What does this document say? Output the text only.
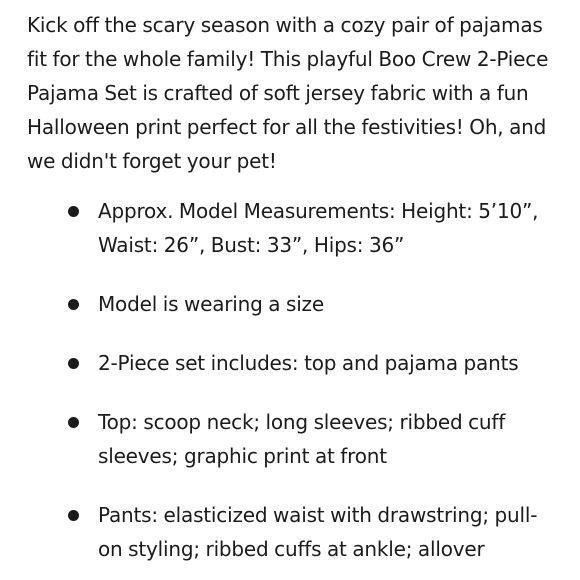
Kick off the scary season with a cozy pair of pajamas fit for the whole family! This playful Boo Crew 2-Piece Pajama Set is crafted of soft jersey fabric with a fun Halloween print perfect for all the festivities! Oh, and we didn't forget your pet!

Approx. Model Measurements: Height: 5’10”, Waist: 26”, Bust: 33”, Hips: 36”
Model is wearing a size
2-Piece set includes: top and pajama pants
Top: scoop neck; long sleeves; ribbed cuff sleeves; graphic print at front
Pants: elasticized waist with drawstring; pull-on styling; ribbed cuffs at ankle; allover
